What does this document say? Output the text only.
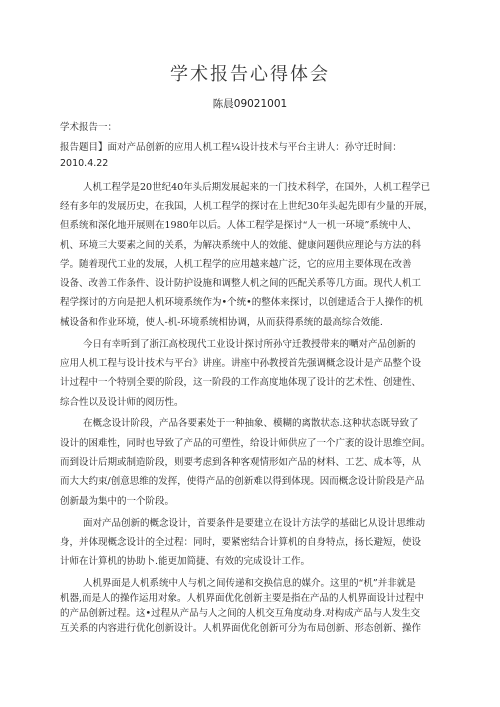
学术报告心得体会
陈晨09021001
学术报告一：
报告题目】面对产品创新的应用人机工程¼设计技术与平台主讲人：孙守迁时间：
2010.4.22
人机工程学是20世纪40年头后期发展起来的一门技术科学，在国外，人机工程学已
经有多年的发展历史，在我国，人机工程学的探讨在上世纪30年头起先即有少量的开展，
但系统和深化地开展则在1980年以后。人体工程学是探讨“人一机一环境”系统中人、
机、环境三大要素之间的关系，为解决系统中人的效能、健康问题供应理论与方法的科
学。随着现代工业的发展，人机工程学的应用越来越广泛，它的应用主要体现在改善
设备、改善工作条件、设计防护设施和调整人机之间的匹配关系等几方面。现代人机工
程学探讨的方向是把人机环境系统作为•个统•的整体来探讨，以创建适合于人操作的机
械设备和作业环境，使人-机-环境系统相协调，从而获得系统的最高综合效能.
今日有幸听到了浙江高校现代工业设计探讨所孙守迁教授带来的嗮对产品创新的
应用人机工程与设计技术与平台》讲座。讲座中孙教授首先强调概念设计是产品整个设
计过程中一个特别全要的阶段，这一阶段的工作高度地体现了设计的艺术性、创建性、
综合性以及设计师的阅历性。
在概念设计阶段，产品各要素处于一种抽象、模糊的离散状态.这种状态既导致了
设计的困难性，同时也导致了产品的可塑性，给设计师供应了一个广袤的设计思维空间。
而到设计后期或制造阶段，则要考虑到各种客观情形如产品的材料、工艺、成本等，从
而大大约束/创意思维的发挥，使得产品的创新难以得到体现。因而概念设计阶段是产品
创新最为集中的一个阶段。
面对产品创新的概念设计，首要条件是要建立在设计方法学的基础匕从设计思维动
身，并体现概念设计的全过程：同时，要紧密结合计算机的自身特点，扬长避短，使设
计师在计算机的协助卜.能更加简捷、有效的完成设计工作。
人机界面是人机系统中人与机之间传递和交换信息的媒介。这里的“机”并非就是
机器,而是人的操作运用对象。人机界面优化创新主要是指在产品的人机界面设计过程中
的产品创新过程。这•过程从产品与人之间的人机交互角度动身.对构成产品与人发生交
互关系的内容进行优化创新设计。人机界面优化创新可分为布局创新、形态创新、操作
